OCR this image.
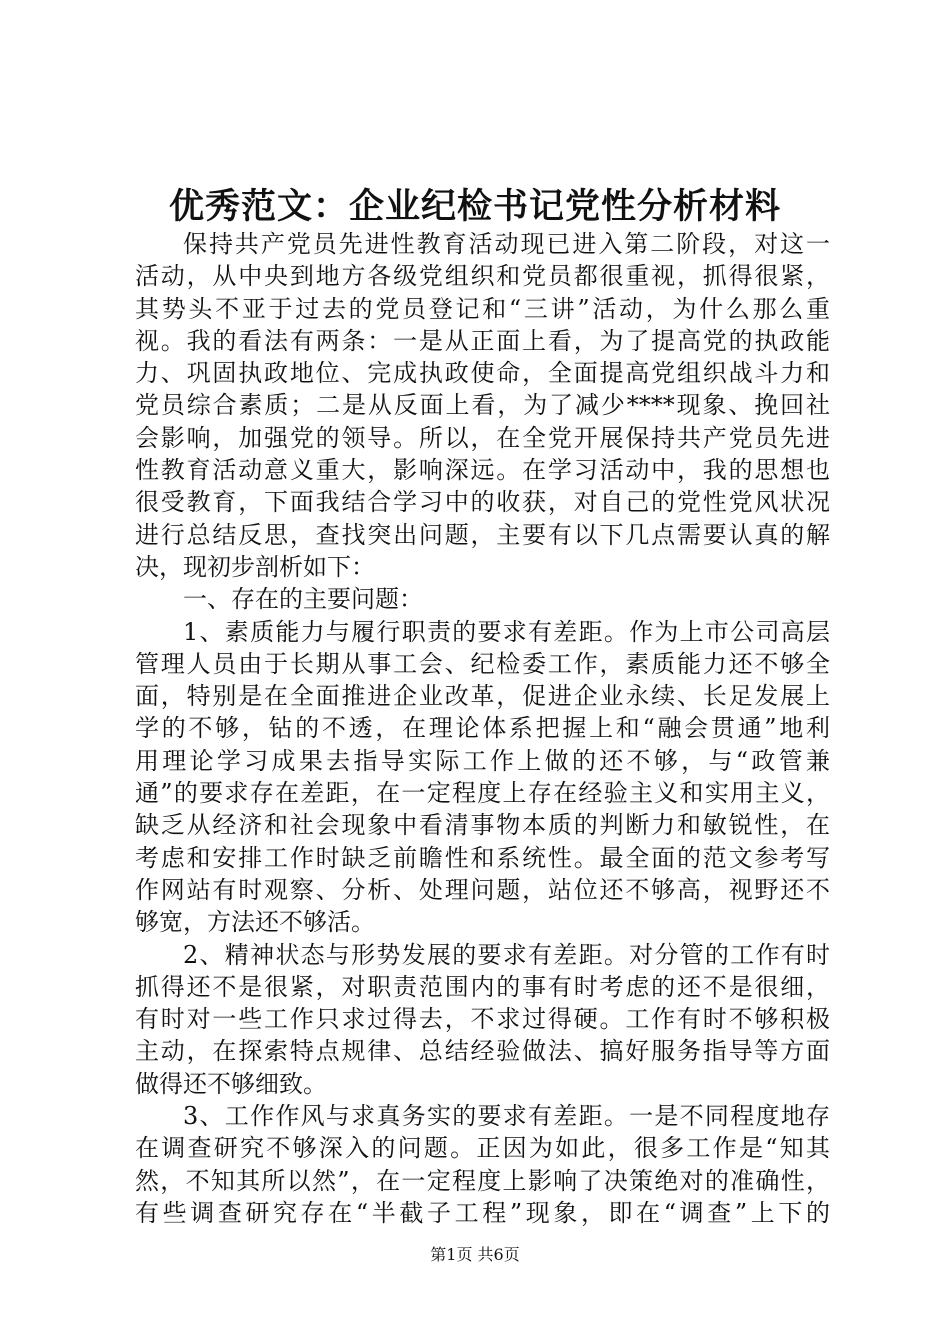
优秀范文：企业纪检书记党性分析材料
保持共产党员先进性教育活动现已进入第二阶段，对这一
活动，从中央到地方各级党组织和党员都很重视，抓得很紧，
其势头不亚于过去的党员登记和“三讲”活动，为什么那么重
视。我的看法有两条：一是从正面上看，为了提高党的执政能
力、巩固执政地位、完成执政使命，全面提高党组织战斗力和
党员综合素质；二是从反面上看，为了减少****现象、挽回社
会影响，加强党的领导。所以，在全党开展保持共产党员先进
性教育活动意义重大，影响深远。在学习活动中，我的思想也
很受教育，下面我结合学习中的收获，对自己的党性党风状况
进行总结反思，查找突出问题，主要有以下几点需要认真的解
决，现初步剖析如下：
一、存在的主要问题：
1、素质能力与履行职责的要求有差距。作为上市公司高层
管理人员由于长期从事工会、纪检委工作，素质能力还不够全
面，特别是在全面推进企业改革，促进企业永续、长足发展上
学的不够，钻的不透，在理论体系把握上和“融会贯通”地利
用理论学习成果去指导实际工作上做的还不够，与“政管兼
通”的要求存在差距，在一定程度上存在经验主义和实用主义，
缺乏从经济和社会现象中看清事物本质的判断力和敏锐性，在
考虑和安排工作时缺乏前瞻性和系统性。最全面的范文参考写
作网站有时观察、分析、处理问题，站位还不够高，视野还不
够宽，方法还不够活。
2、精神状态与形势发展的要求有差距。对分管的工作有时
抓得还不是很紧，对职责范围内的事有时考虑的还不是很细，
有时对一些工作只求过得去，不求过得硬。工作有时不够积极
主动，在探索特点规律、总结经验做法、搞好服务指导等方面
做得还不够细致。
3、工作作风与求真务实的要求有差距。一是不同程度地存
在调查研究不够深入的问题。正因为如此，很多工作是“知其
然，不知其所以然”，在一定程度上影响了决策绝对的准确性，
有些调查研究存在“半截子工程”现象，即在“调查”上下的
第1页 共6页
